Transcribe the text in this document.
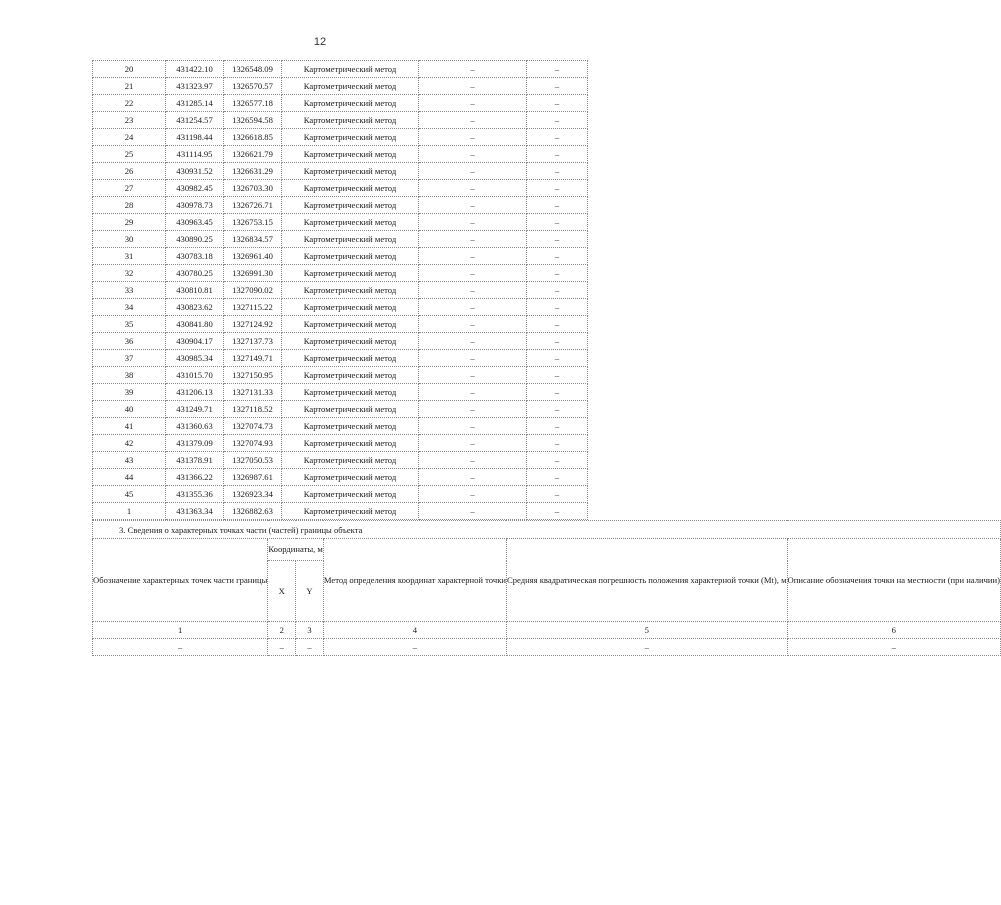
12
20	431422.10	1326548.09	Картометрический метод	–	–
21	431323.97	1326570.57	Картометрический метод	–	–
22	431285.14	1326577.18	Картометрический метод	–	–
23	431254.57	1326594.58	Картометрический метод	–	–
24	431198.44	1326618.85	Картометрический метод	–	–
25	431114.95	1326621.79	Картометрический метод	–	–
26	430931.52	1326631.29	Картометрический метод	–	–
27	430982.45	1326703.30	Картометрический метод	–	–
28	430978.73	1326726.71	Картометрический метод	–	–
29	430963.45	1326753.15	Картометрический метод	–	–
30	430890.25	1326834.57	Картометрический метод	–	–
31	430783.18	1326961.40	Картометрический метод	–	–
32	430780.25	1326991.30	Картометрический метод	–	–
33	430810.81	1327090.02	Картометрический метод	–	–
34	430823.62	1327115.22	Картометрический метод	–	–
35	430841.80	1327124.92	Картометрический метод	–	–
36	430904.17	1327137.73	Картометрический метод	–	–
37	430985.34	1327149.71	Картометрический метод	–	–
38	431015.70	1327150.95	Картометрический метод	–	–
39	431206.13	1327131.33	Картометрический метод	–	–
40	431249.71	1327118.52	Картометрический метод	–	–
41	431360.63	1327074.73	Картометрический метод	–	–
42	431379.09	1327074.93	Картометрический метод	–	–
43	431378.91	1327050.53	Картометрический метод	–	–
44	431366.22	1326987.61	Картометрический метод	–	–
45	431355.36	1326923.34	Картометрический метод	–	–
1	431363.34	1326882.63	Картометрический метод	–	–
3. Сведения о характерных точках части (частей) границы объекта					
Обозначение характерных точек части границы	Координаты, м		Метод определения координат характерной точки	Средняя квадратическая погрешность положения характерной точки (Мt), м	Описание обозначения точки на местности (при наличии)
	X	Y			
1	2	3	4	5	6
–	–	–	–	–	–
